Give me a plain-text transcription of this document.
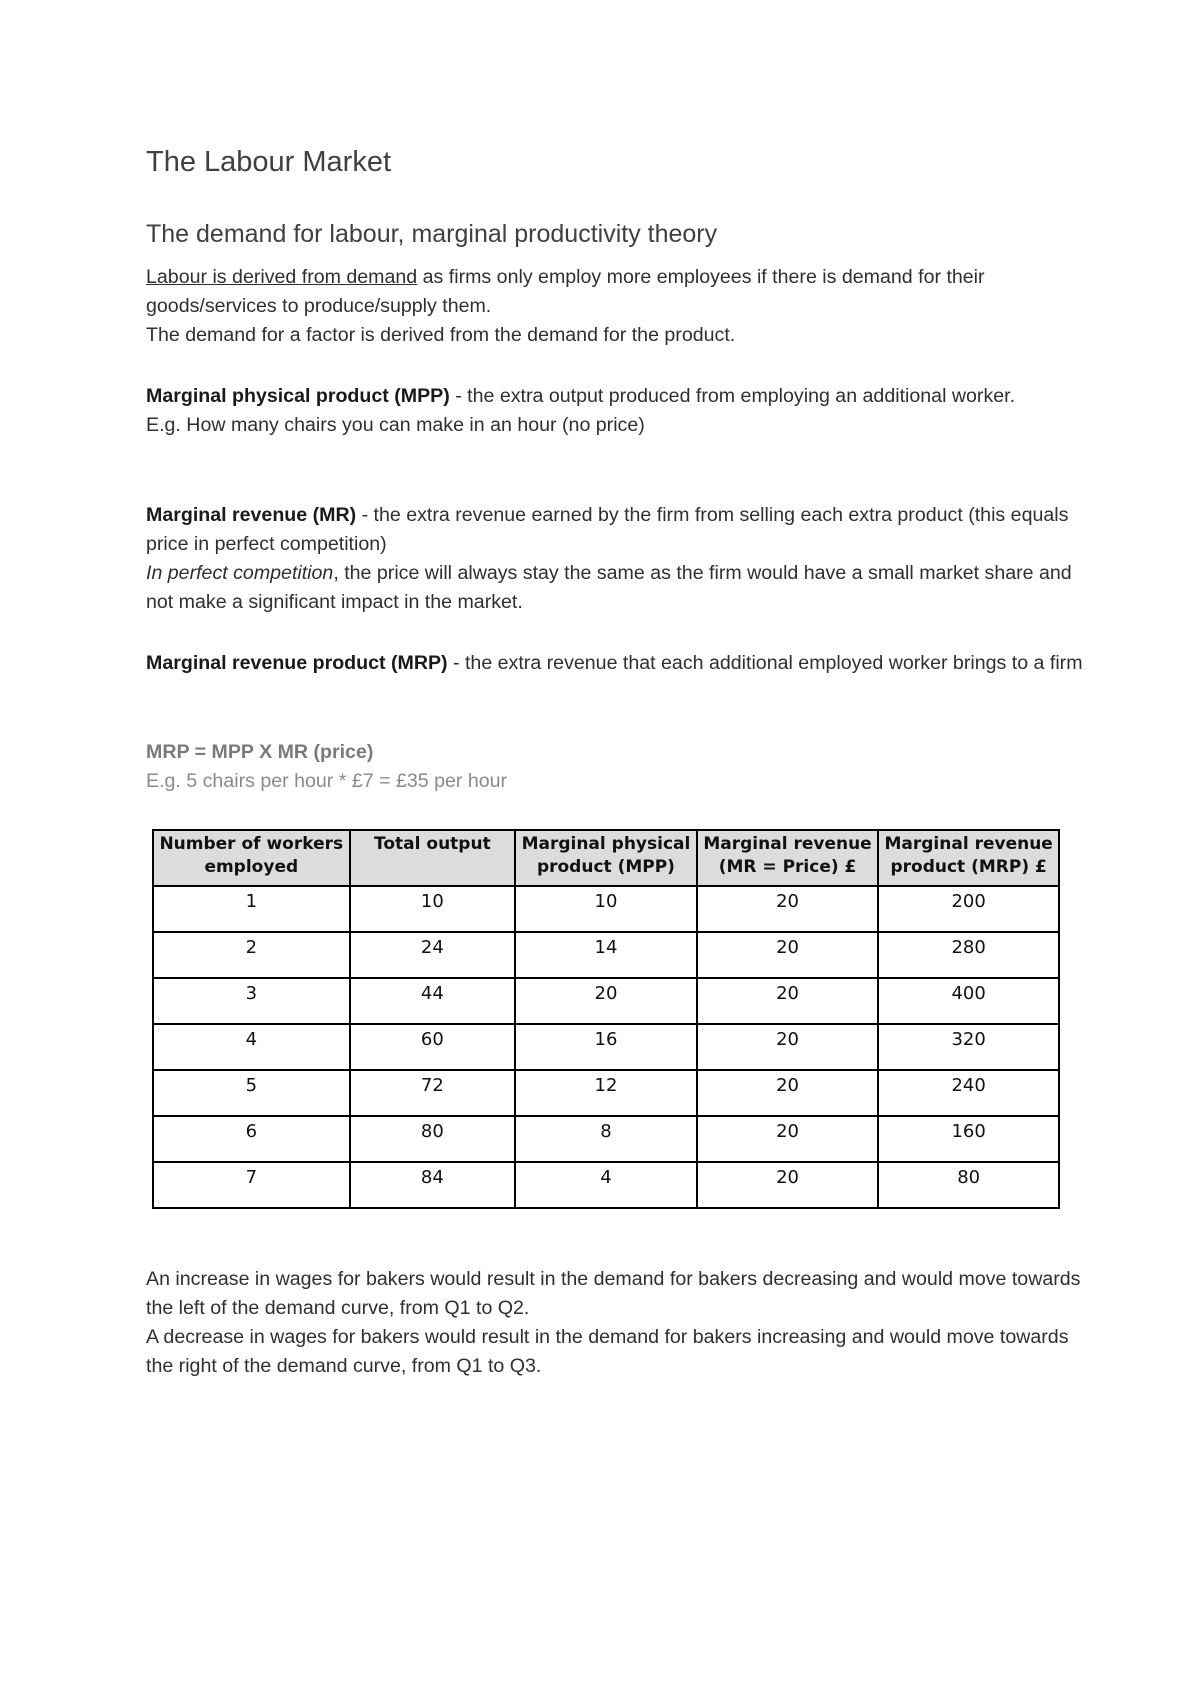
The Labour Market
The demand for labour, marginal productivity theory

Labour is derived from demand as firms only employ more employees if there is demand for their goods/services to produce/supply them.
The demand for a factor is derived from the demand for the product.

Marginal physical product (MPP) - the extra output produced from employing an additional worker.
E.g. How many chairs you can make in an hour (no price)

Marginal revenue (MR) - the extra revenue earned by the firm from selling each extra product (this equals price in perfect competition)
In perfect competition, the price will always stay the same as the firm would have a small market share and not make a significant impact in the market.

Marginal revenue product (MRP) - the extra revenue that each additional employed worker brings to a firm

MRP = MPP X MR (price)
E.g. 5 chairs per hour * £7 = £35 per hour

Number of workers employed	Total output	Marginal physical product (MPP)	Marginal revenue (MR = Price) £	Marginal revenue product (MRP) £
1	10	10	20	200
2	24	14	20	280
3	44	20	20	400
4	60	16	20	320
5	72	12	20	240
6	80	8	20	160
7	84	4	20	80

An increase in wages for bakers would result in the demand for bakers decreasing and would move towards the left of the demand curve, from Q1 to Q2.
A decrease in wages for bakers would result in the demand for bakers increasing and would move towards the right of the demand curve, from Q1 to Q3.
